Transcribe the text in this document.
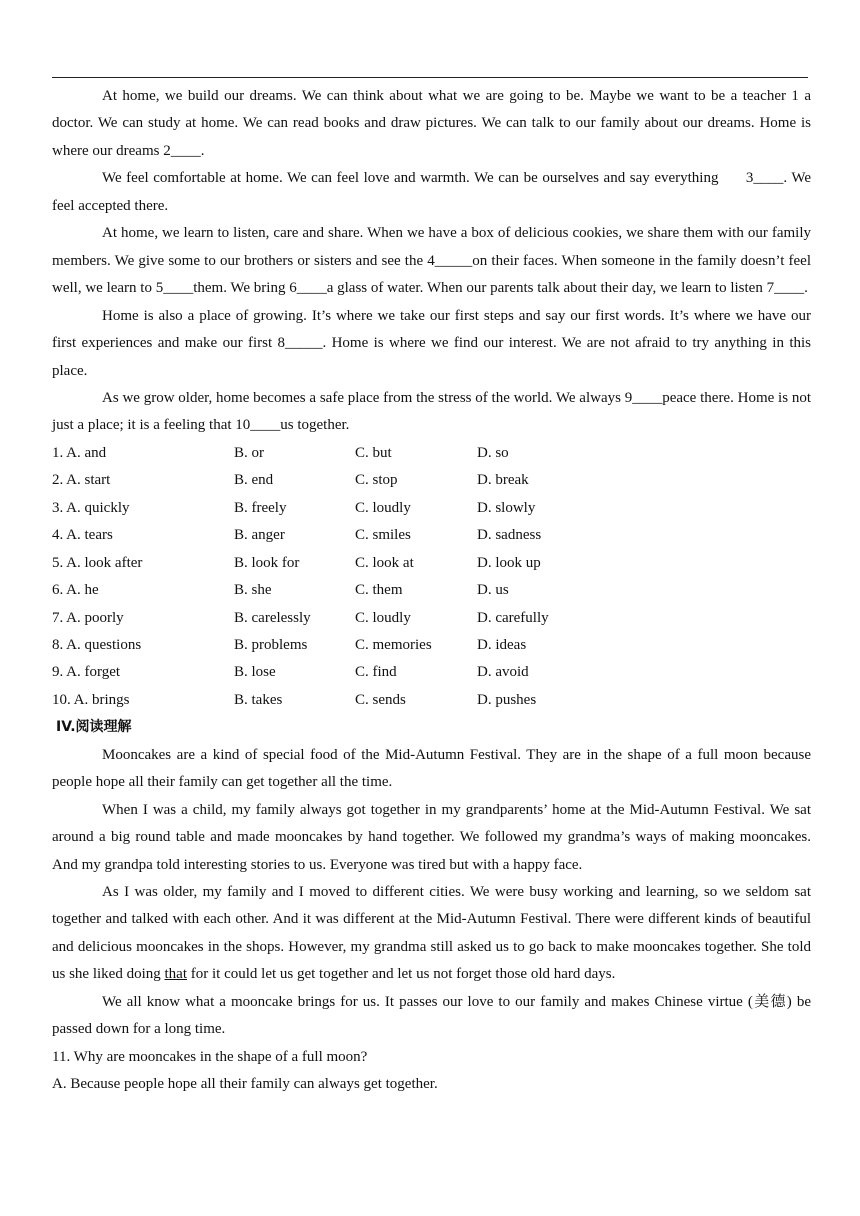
At home, we build our dreams. We can think about what we are going to be. Maybe we want to be a teacher 1 a doctor. We can study at home. We can read books and draw pictures. We can talk to our family about our dreams. Home is where our dreams 2____.

We feel comfortable at home. We can feel love and warmth. We can be ourselves and say everything      3____. We feel accepted there.

At home, we learn to listen, care and share. When we have a box of delicious cookies, we share them with our family members. We give some to our brothers or sisters and see the 4_____on their faces. When someone in the family doesn’t feel well, we learn to 5____them. We bring 6____a glass of water. When our parents talk about their day, we learn to listen 7____.

Home is also a place of growing. It’s where we take our first steps and say our first words. It’s where we have our first experiences and make our first 8_____. Home is where we find our interest. We are not afraid to try anything in this place.

As we grow older, home becomes a safe place from the stress of the world. We always 9____peace there. Home is not just a place; it is a feeling that 10____us together.

1. A. and	B. or	C. but	D. so
2. A. start	B. end	C. stop	D. break
3. A. quickly	B. freely	C. loudly	D. slowly
4. A. tears	B. anger	C. smiles	D. sadness
5. A. look after	B. look for	C. look at	D. look up
6. A. he	B. she	C. them	D. us
7. A. poorly	B. carelessly	C. loudly	D. carefully
8. A. questions	B. problems	C. memories	D. ideas
9. A. forget	B. lose	C. find	D. avoid
10. A. brings	B. takes	C. sends	D. pushes

IV.阅读理解

Mooncakes are a kind of special food of the Mid-Autumn Festival. They are in the shape of a full moon because people hope all their family can get together all the time.

When I was a child, my family always got together in my grandparents’ home at the Mid-Autumn Festival. We sat around a big round table and made mooncakes by hand together. We followed my grandma’s ways of making mooncakes. And my grandpa told interesting stories to us. Everyone was tired but with a happy face.

As I was older, my family and I moved to different cities. We were busy working and learning, so we seldom sat together and talked with each other. And it was different at the Mid-Autumn Festival. There were different kinds of beautiful and delicious mooncakes in the shops. However, my grandma still asked us to go back to make mooncakes together. She told us she liked doing that for it could let us get together and let us not forget those old hard days.

We all know what a mooncake brings for us. It passes our love to our family and makes Chinese virtue (美德) be passed down for a long time.

11. Why are mooncakes in the shape of a full moon?

A. Because people hope all their family can always get together.
